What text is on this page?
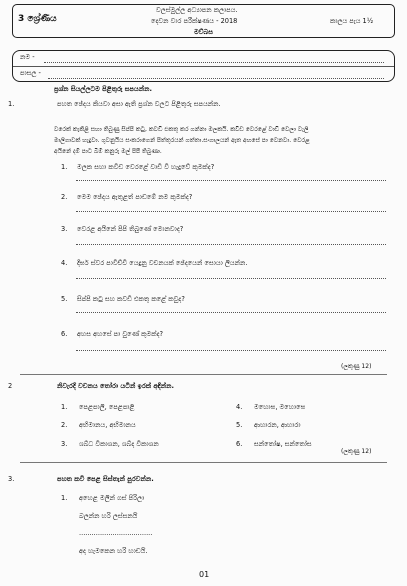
3 ශ්‍රේණිය
වලස්මුල්ල අධ්‍යාපන කලාපය.
දෙවන වාර පරීක්ෂණය - 2018	කාලය පැය 1½
මව්බස
නම -
පාසල -
ප්‍රශ්න සියල්ලටම පිළිතුරු සපයන්න.
1.	පහත ඡේදය කියවා අසා ඇති ප්‍රශ්න වලට පිළිතුරු සපයන්න.
වරෙක් කැකිළි සහා තිබුණු සිප්පි කටු, කවඩි එකතු කර ගන්නා මලකයි. කවිඩ වෙරළේ වාඩි වෙලා වැලි
මාලිගාවක් හැදුවා. ගුවනුයිය සංකරාගෙන් පිත්තුරයන් ගත්තා.සංගාලයන් ඇත අහසේ පා වෙනවා. වෙරළ
අයිනේ දම් පාට බිම් කනුරු මල් පිපී තිබුණා.
1. මලක සහා කවිඩ වෙරළේ වාඩි වී හැදුවේ කුමක්ද?
2. මෙම ඡේදය ඇතුළත් පාඩමේ නම කුමක්ද?
3. වෙරළ අයිනේ පිපි තිබුණේ මොනවාද?
4. දීර්ඝ ස්වර පාවිච්චි යෙදුනු වචනයක් ඡේදයෙන් සොයා ලියන්න.
5. සිප්පි කටු සහ කවඩි එකතු කළේ කවුද?
6. අහස අහසේ පා වුණේ කුමක්ද?
(ලකුණු 12)
2	නිවැරදි වචනය තෝරා යටින් ඉරක් අඳින්න.
1. පෙළපාලි, පෙළපාළි
2. අභිමානය, අභිමානය
3. ශබ්ධ විකාශන, ශබ්ද විකාශන
4. මහොඝ, මහොඝෙ
5. ආහාරන, ආහාරා
6. සන්තෝෂ, සන්තෝස
(ලකුණු 12)
3.	පහත කවි පෙළ සිස්තැන් පුරවන්න.
1. අහෙළ මලින් ගස් පිරිලා
බලන්න හරි ලස්සනයි
...................................
අද හැමකෙන හරි හාඩයි.
01
